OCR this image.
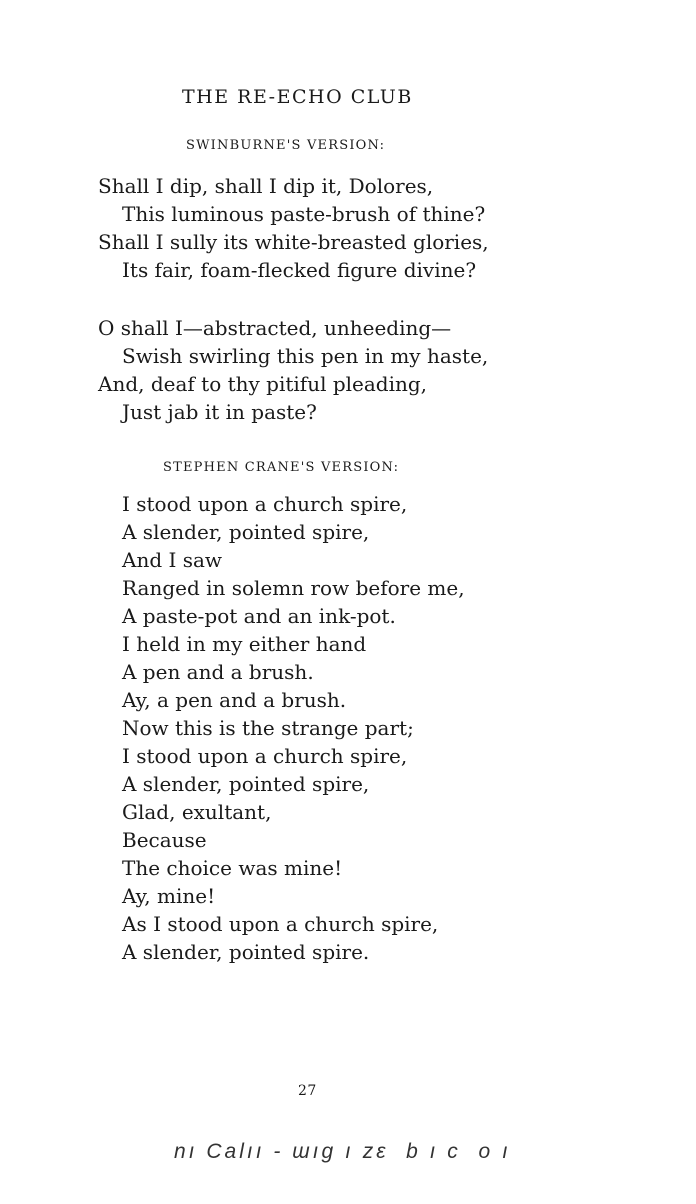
THE RE-ECHO CLUB
SWINBURNE'S VERSION:
Shall I dip, shall I dip it, Dolores,
This luminous paste-brush of thine?
Shall I sully its white-breasted glories,
Its fair, foam-flecked figure divine?
O shall I—abstracted, unheeding—
Swish swirling this pen in my haste,
And, deaf to thy pitiful pleading,
Just jab it in paste?
STEPHEN CRANE'S VERSION:
I stood upon a church spire,
A slender, pointed spire,
And I saw
Ranged in solemn row before me,
A paste-pot and an ink-pot.
I held in my either hand
A pen and a brush.
Ay, a pen and a brush.
Now this is the strange part;
I stood upon a church spire,
A slender, pointed spire,
Glad, exultant,
Because
The choice was mine!
Ay, mine!
As I stood upon a church spire,
A slender, pointed spire.
27
nı Calıı - ɯıg ı zɛ  b ı c  o ı
